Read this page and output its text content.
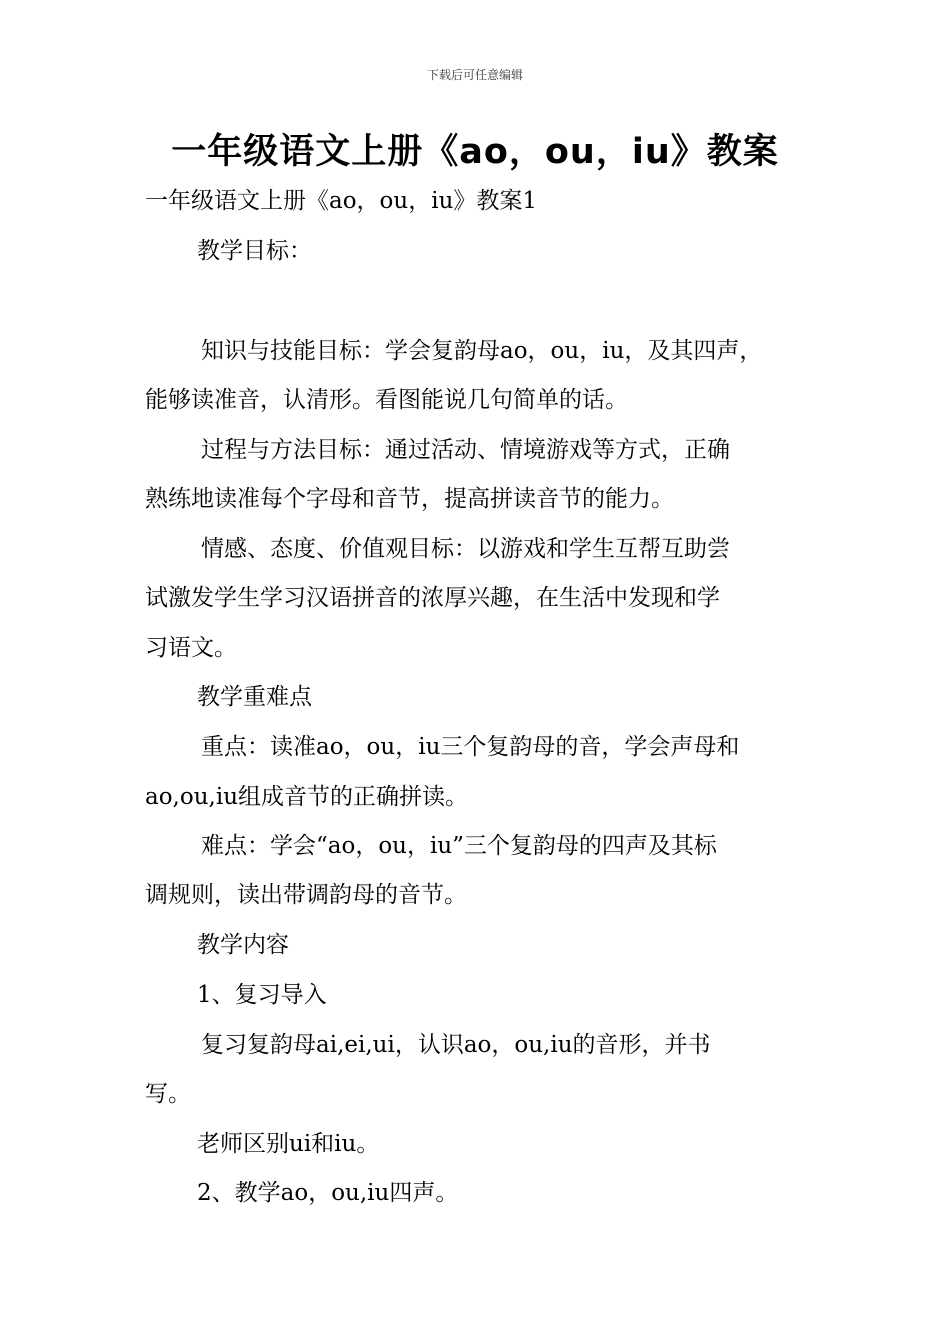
下载后可任意编辑
一年级语文上册《ao，ou，iu》教案

一年级语文上册《ao，ou，iu》教案1

教学目标：

知识与技能目标：学会复韵母ao，ou，iu，及其四声，

能够读准音，认清形。看图能说几句简单的话。

过程与方法目标：通过活动、情境游戏等方式，正确

熟练地读准每个字母和音节，提高拼读音节的能力。

情感、态度、价值观目标：以游戏和学生互帮互助尝

试激发学生学习汉语拼音的浓厚兴趣，在生活中发现和学

习语文。

教学重难点

重点：读准ao，ou，iu三个复韵母的音，学会声母和

ao,ou,iu组成音节的正确拼读。

难点：学会“ao，ou，iu”三个复韵母的四声及其标

调规则，读出带调韵母的音节。

教学内容

1、复习导入

复习复韵母ai,ei,ui，认识ao，ou,iu的音形，并书

写。

老师区别ui和iu。

2、教学ao，ou,iu四声。
